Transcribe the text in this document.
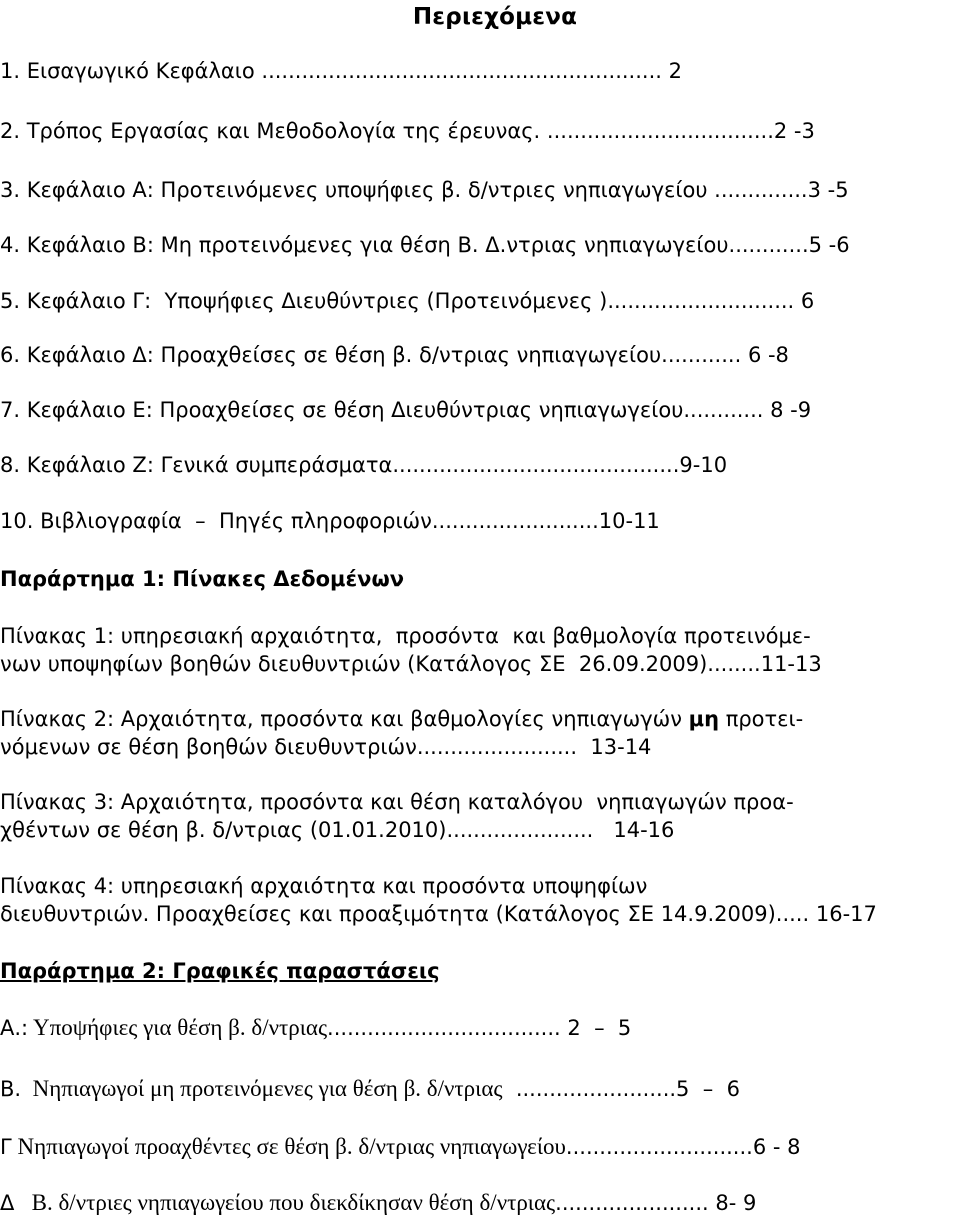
Περιεχόμενα
1. Εισαγωγικό Κεφάλαιο ............................................................ 2
2. Τρόπος Εργασίας και Μεθοδολογία της έρευνας. ..................................2 -3
3. Κεφάλαιο Α: Προτεινόμενες υποψήφιες β. δ/ντριες νηπιαγωγείου ..............3 -5
4. Κεφάλαιο Β: Μη προτεινόμενες για θέση Β. Δ.ντριας νηπιαγωγείου............5 -6
5. Κεφάλαιο Γ:  Υποψήφιες Διευθύντριες (Προτεινόμενες )............................ 6
6. Κεφάλαιο Δ: Προαχθείσες σε θέση β. δ/ντριας νηπιαγωγείου............ 6 -8
7. Κεφάλαιο Ε: Προαχθείσες σε θέση Διευθύντριας νηπιαγωγείου............ 8 -9
8. Κεφάλαιο Ζ: Γενικά συμπεράσματα...........................................9-10
10. Βιβλιογραφία  –  Πηγές πληροφοριών.........................10-11
Παράρτημα 1: Πίνακες Δεδομένων
Πίνακας 1: υπηρεσιακή αρχαιότητα,  προσόντα  και βαθμολογία προτεινόμε-
νων υποψηφίων βοηθών διευθυντριών (Κατάλογος ΣΕ  26.09.2009)........11-13
Πίνακας 2: Αρχαιότητα, προσόντα και βαθμολογίες νηπιαγωγών μη προτει-
νόμενων σε θέση βοηθών διευθυντριών........................  13-14
Πίνακας 3: Αρχαιότητα, προσόντα και θέση καταλόγου  νηπιαγωγών προα-
χθέντων σε θέση β. δ/ντριας (01.01.2010)......................   14-16
Πίνακας 4: υπηρεσιακή αρχαιότητα και προσόντα υποψηφίων
διευθυντριών. Προαχθείσες και προαξιμότητα (Κατάλογος ΣΕ 14.9.2009)..... 16-17
Παράρτημα 2: Γραφικές παραστάσεις
Α.: Υποψήφιες για θέση β. δ/ντριας................................... 2  –  5
Β.  Νηπιαγωγοί μη προτεινόμενες για θέση β. δ/ντριας  ........................5  –  6
Γ Νηπιαγωγοί προαχθέντες σε θέση β. δ/ντριας νηπιαγωγείου............................6 - 8
Δ   Β. δ/ντριες νηπιαγωγείου που διεκδίκησαν θέση δ/ντριας....................... 8- 9
